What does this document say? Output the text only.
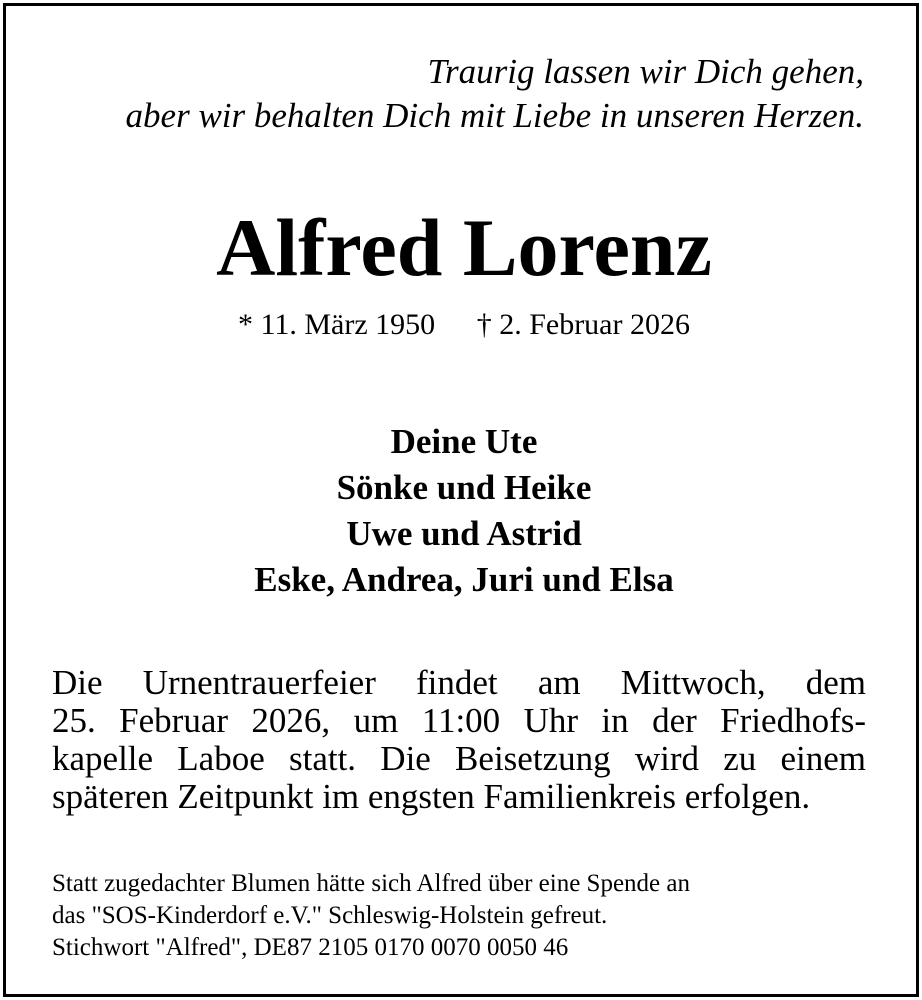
Traurig lassen wir Dich gehen,
aber wir behalten Dich mit Liebe in unseren Herzen.
Alfred Lorenz
* 11. März 1950 † 2. Februar 2026
Deine Ute
Sönke und Heike
Uwe und Astrid
Eske, Andrea, Juri und Elsa
Die Urnentrauerfeier findet am Mittwoch, dem
25. Februar 2026, um 11:00 Uhr in der Friedhofs-
kapelle Laboe statt. Die Beisetzung wird zu einem
späteren Zeitpunkt im engsten Familienkreis erfolgen.
Statt zugedachter Blumen hätte sich Alfred über eine Spende an
das "SOS-Kinderdorf e.V." Schleswig-Holstein gefreut.
Stichwort "Alfred", DE87 2105 0170 0070 0050 46
